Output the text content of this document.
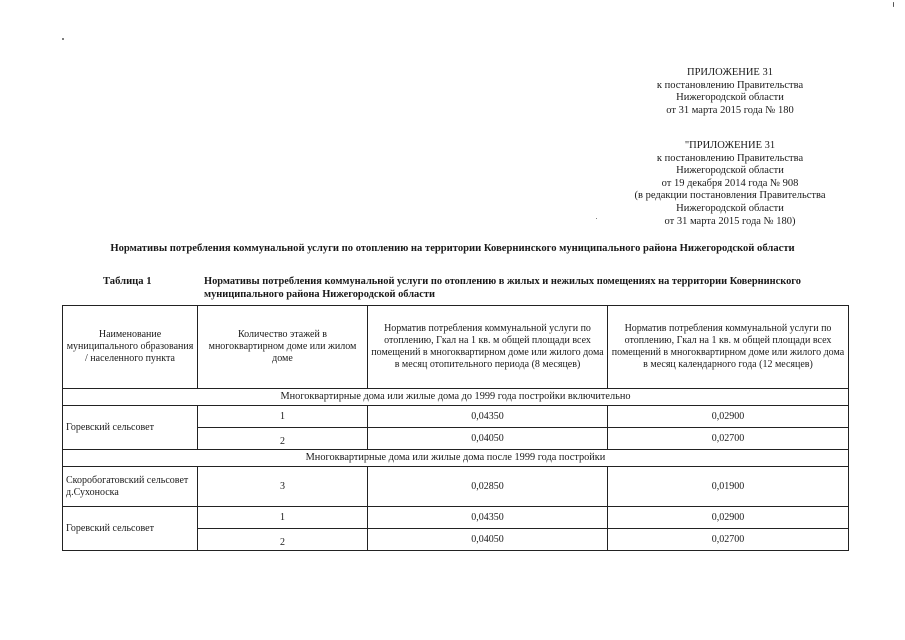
ПРИЛОЖЕНИЕ 31
к постановлению Правительства
Нижегородской области
от 31 марта 2015 года № 180
"ПРИЛОЖЕНИЕ 31
к постановлению Правительства
Нижегородской области
от 19 декабря 2014 года № 908
(в редакции постановления Правительства
Нижегородской области
от 31 марта 2015 года № 180)
Нормативы потребления коммунальной услуги по отоплению на территории Ковернинского муниципального района Нижегородской области
Таблица 1	Нормативы потребления коммунальной услуги по отоплению в жилых и нежилых помещениях на территории Ковернинского муниципального района Нижегородской области
Наименование муниципального образования / населенного пункта	Количество этажей в многоквартирном доме или жилом доме	Норматив потребления коммунальной услуги по отоплению, Гкал на 1 кв. м общей площади всех помещений в многоквартирном доме или жилого дома в месяц отопительного периода (8 месяцев)	Норматив потребления коммунальной услуги по отоплению, Гкал на 1 кв. м общей площади всех помещений в многоквартирном доме или жилого дома в месяц календарного года (12 месяцев)
Многоквартирные дома или жилые дома до 1999 года постройки включительно			
Горевский сельсовет	1	0,04350	0,02900
	2	0,04050	0,02700
Многоквартирные дома или жилые дома после 1999 года постройки			
Скоробогатовский сельсовет д.Сухоноска	3	0,02850	0,01900
Горевский сельсовет	1	0,04350	0,02900
	2	0,04050	0,02700
